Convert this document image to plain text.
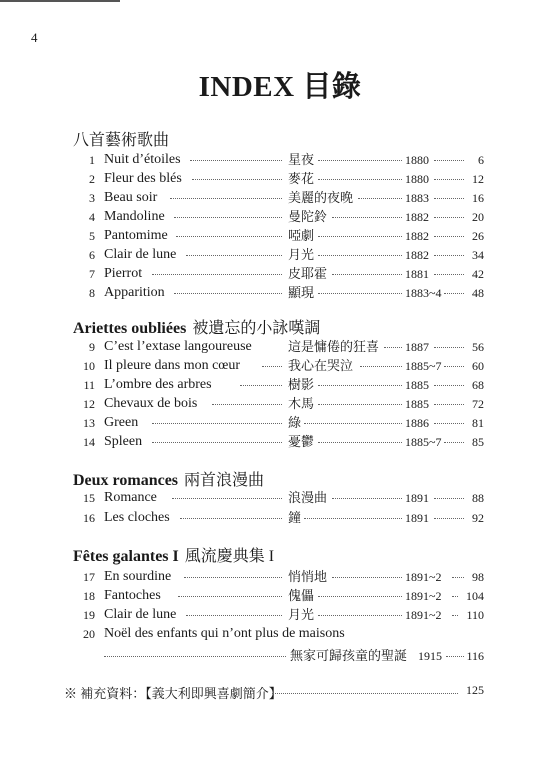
4
INDEX 目錄
八首藝術歌曲
1 Nuit d’étoiles	星夜	1880	6
2 Fleur des blés	麥花	1880	12
3 Beau soir	美麗的夜晚	1883	16
4 Mandoline	曼陀鈴	1882	20
5 Pantomime	啞劇	1882	26
6 Clair de lune	月光	1882	34
7 Pierrot	皮耶霍	1881	42
8 Apparition	顯現	1883~4	48
Ariettes oubliées 被遺忘的小詠嘆調
9 C’est l’extase langoureuse	這是慵倦的狂喜 1887	56
10 Il pleure dans mon cœur	我心在哭泣	1885~7	60
11 L’ombre des arbres	樹影	1885	68
12 Chevaux de bois	木馬	1885	72
13 Green	綠	1886	81
14 Spleen	憂鬱	1885~7	85
Deux romances 兩首浪漫曲
15 Romance	浪漫曲	1891	88
16 Les cloches	鐘	1891	92
Fêtes galantes I 風流慶典集 I
17 En sourdine	悄悄地	1891~2	98
18 Fantoches	傀儡	1891~2	104
19 Clair de lune	月光	1891~2	110
20 Noël des enfants qui n’ont plus de maisons
無家可歸孩童的聖誕 1915	116
※ 補充資料：【義大利即興喜劇簡介】	125
